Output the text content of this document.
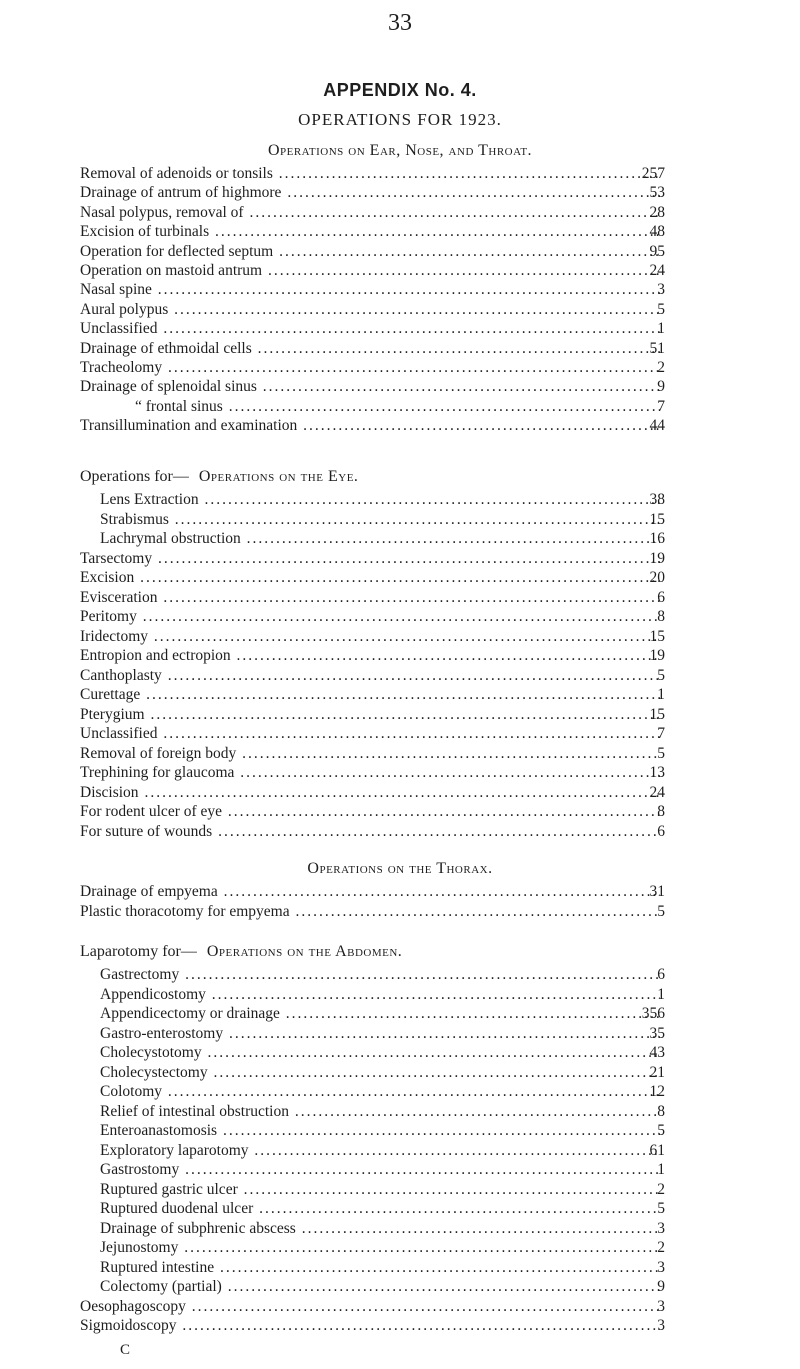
33
APPENDIX No. 4.
OPERATIONS FOR 1923.
Operations on Ear, Nose, and Throat.
Removal of adenoids or tonsils .....	257
Drainage of antrum of highmore .....	53
Nasal polypus, removal of .....	28
Excision of turbinals .....	48
Operation for deflected septum .....	95
Operation on mastoid antrum .....	24
Nasal spine .....	3
Aural polypus .....	5
Unclassified .....	1
Drainage of ethmoidal cells .....	51
Tracheolomy .....	2
Drainage of splenoidal sinus .....	9
“ frontal sinus .....	7
Transillumination and examination .....	44
Operations for— Operations on the Eye.
Lens Extraction .....	38
Strabismus .....	15
Lachrymal obstruction .....	16
Tarsectomy .....	19
Excision .....	20
Evisceration .....	6
Peritomy .....	8
Iridectomy .....	15
Entropion and ectropion .....	19
Canthoplasty .....	5
Curettage .....	1
Pterygium .....	15
Unclassified .....	7
Removal of foreign body .....	5
Trephining for glaucoma .....	13
Discision .....	24
For rodent ulcer of eye .....	8
For suture of wounds .....	6
Operations on the Thorax.
Drainage of empyema .....	31
Plastic thoracotomy for empyema .....	5
Laparotomy for— Operations on the Abdomen.
Gastrectomy .....	6
Appendicostomy .....	1
Appendicectomy or drainage .....	356
Gastro-enterostomy .....	35
Cholecystotomy .....	43
Cholecystectomy .....	21
Colotomy .....	12
Relief of intestinal obstruction .....	8
Enteroanastomosis .....	5
Exploratory laparotomy .....	61
Gastrostomy .....	1
Ruptured gastric ulcer .....	2
Ruptured duodenal ulcer .....	5
Drainage of subphrenic abscess .....	3
Jejunostomy .....	2
Ruptured intestine .....	3
Colectomy (partial) .....	9
Oesophagoscopy .....	3
Sigmoidoscopy .....	3
C
